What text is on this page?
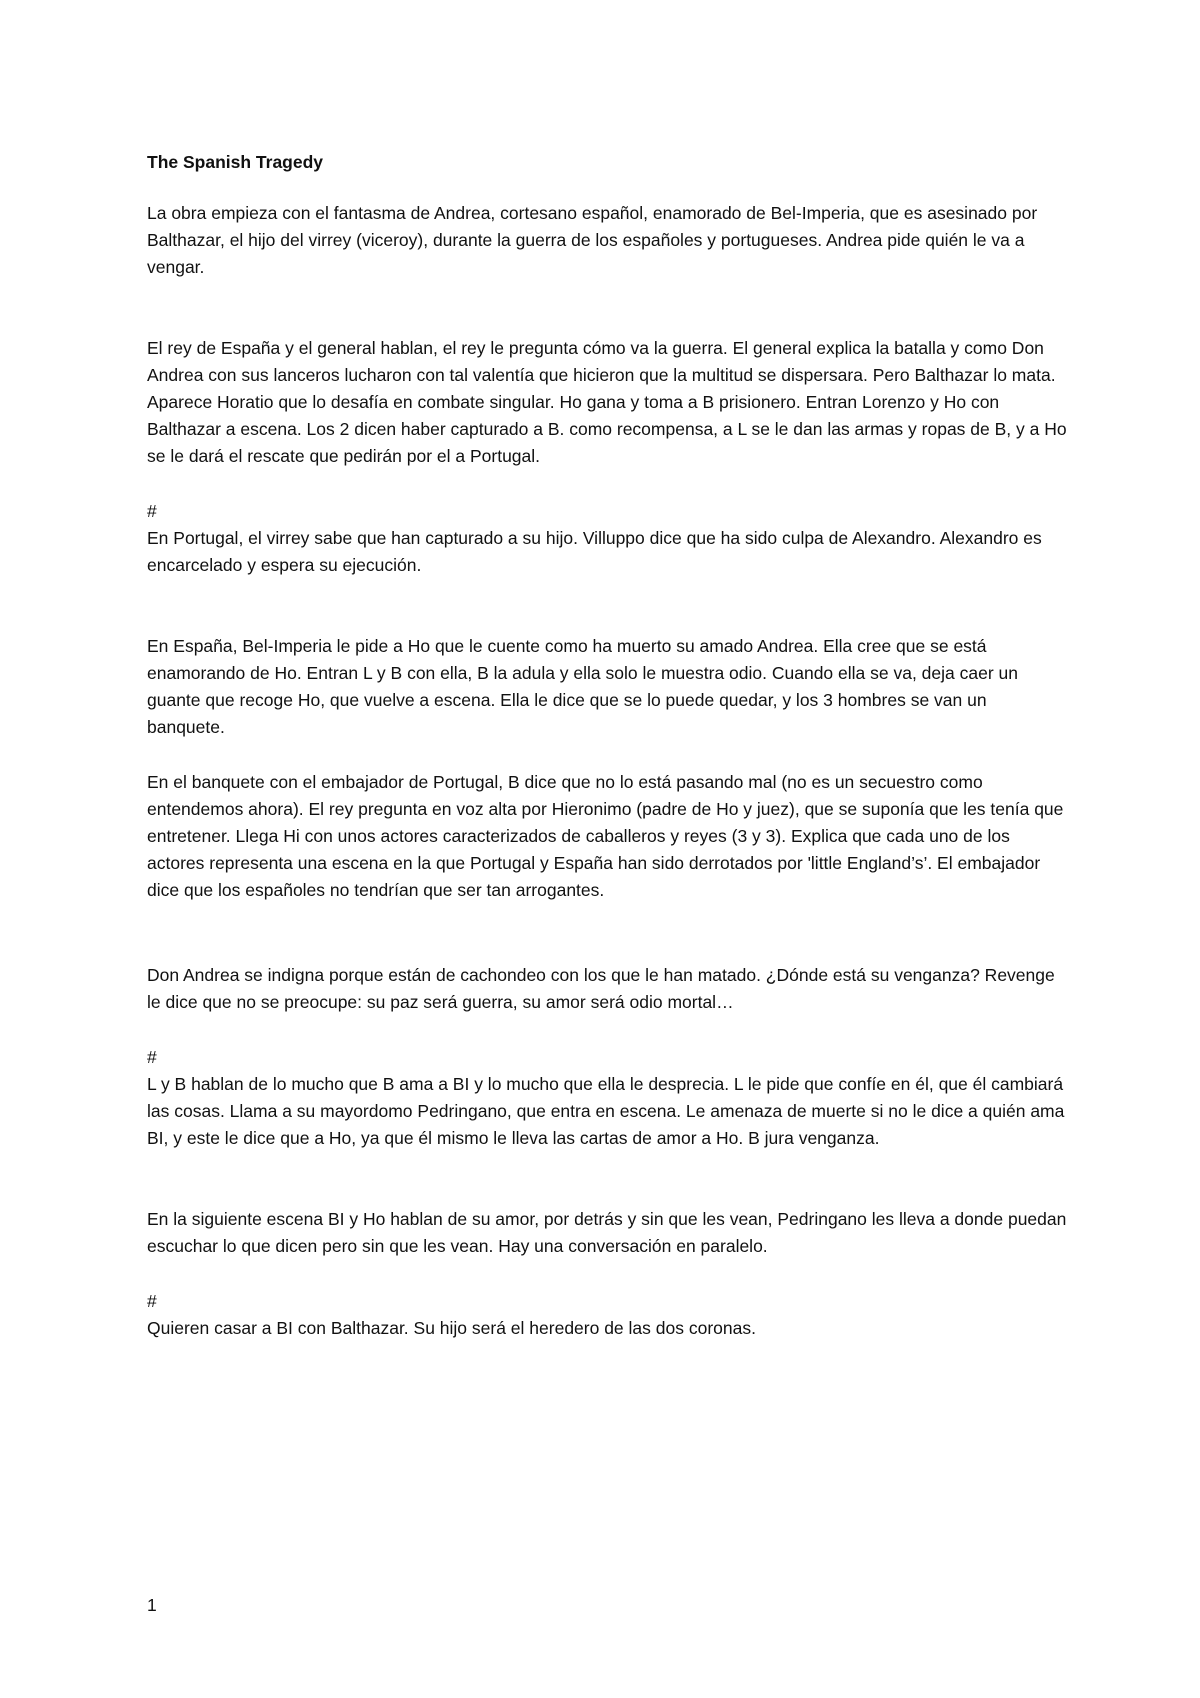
The Spanish Tragedy

La obra empieza con el fantasma de Andrea, cortesano español, enamorado de Bel-Imperia, que es asesinado por Balthazar, el hijo del virrey (viceroy), durante la guerra de los españoles y portugueses. Andrea pide quién le va a vengar.

El rey de España y el general hablan, el rey le pregunta cómo va la guerra. El general explica la batalla y como Don Andrea con sus lanceros lucharon con tal valentía que hicieron que la multitud se dispersara. Pero Balthazar lo mata. Aparece Horatio que lo desafía en combate singular. Ho gana y toma a B prisionero. Entran Lorenzo y Ho con Balthazar a escena. Los 2 dicen haber capturado a B. como recompensa, a L se le dan las armas y ropas de B, y a Ho se le dará el rescate que pedirán por el a Portugal.

#

En Portugal, el virrey sabe que han capturado a su hijo. Villuppo dice que ha sido culpa de Alexandro. Alexandro es encarcelado y espera su ejecución.

En España, Bel-Imperia le pide a Ho que le cuente como ha muerto su amado Andrea. Ella cree que se está enamorando de Ho. Entran L y B con ella, B la adula y ella solo le muestra odio. Cuando ella se va, deja caer un guante que recoge Ho, que vuelve a escena. Ella le dice que se lo puede quedar, y los 3 hombres se van un banquete.

En el banquete con el embajador de Portugal, B dice que no lo está pasando mal (no es un secuestro como entendemos ahora). El rey pregunta en voz alta por Hieronimo (padre de Ho y juez), que se suponía que les tenía que entretener. Llega Hi con unos actores caracterizados de caballeros y reyes (3 y 3). Explica que cada uno de los actores representa una escena en la que Portugal y España han sido derrotados por 'little England’s’. El embajador dice que los españoles no tendrían que ser tan arrogantes.

Don Andrea se indigna porque están de cachondeo con los que le han matado. ¿Dónde está su venganza? Revenge le dice que no se preocupe: su paz será guerra, su amor será odio mortal…

#

L y B hablan de lo mucho que B ama a BI y lo mucho que ella le desprecia. L le pide que confíe en él, que él cambiará las cosas. Llama a su mayordomo Pedringano, que entra en escena. Le amenaza de muerte si no le dice a quién ama BI, y este le dice que a Ho, ya que él mismo le lleva las cartas de amor a Ho. B jura venganza.

En la siguiente escena BI y Ho hablan de su amor, por detrás y sin que les vean, Pedringano les lleva a donde puedan escuchar lo que dicen pero sin que les vean. Hay una conversación en paralelo.

#

Quieren casar a BI con Balthazar. Su hijo será el heredero de las dos coronas.

1
